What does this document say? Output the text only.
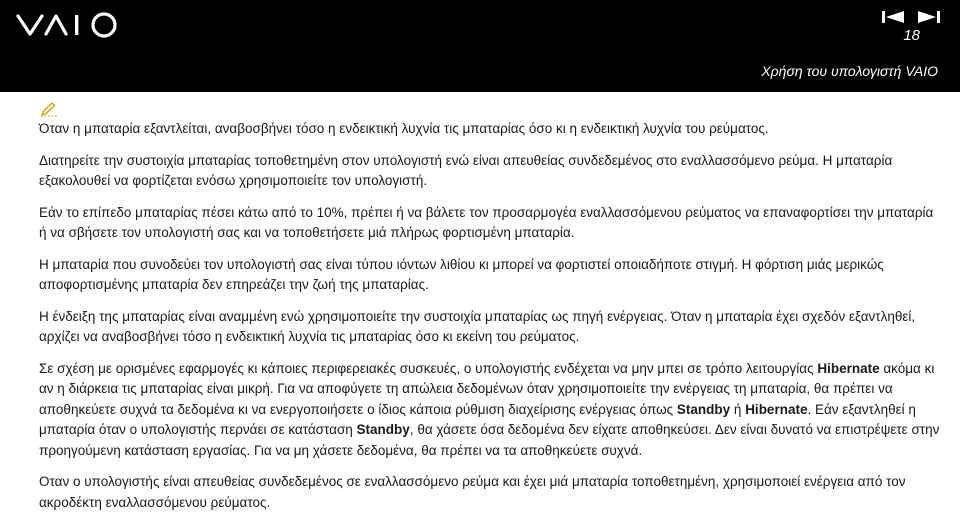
18
Χρήση του υπολογιστή VAIO

Όταν η μπαταρία εξαντλείται, αναβοσβήνει τόσο η ενδεικτική λυχνία τις μπαταρίας όσο κι η ενδεικτική λυχνία του ρεύματος.

Διατηρείτε την συστοιχία μπαταρίας τοποθετημένη στον υπολογιστή ενώ είναι απευθείας συνδεδεμένος στο εναλλασσόμενο ρεύμα. Η μπαταρία εξακολουθεί να φορτίζεται ενόσω χρησιμοποιείτε τον υπολογιστή.

Εάν το επίπεδο μπαταρίας πέσει κάτω από το 10%, πρέπει ή να βάλετε τον προσαρμογέα εναλλασσόμενου ρεύματος να επαναφορτίσει την μπαταρία ή να σβήσετε τον υπολογιστή σας και να τοποθετήσετε μιά πλήρως φορτισμένη μπαταρία.

Η μπαταρία που συνοδεύει τον υπολογιστή σας είναι τύπου ιόντων λιθίου κι μπορεί να φορτιστεί οποιαδήποτε στιγμή. Η φόρτιση μιάς μερικώς αποφορτισμένης μπαταρία δεν επηρεάζει την ζωή της μπαταρίας.

Η ένδειξη της μπαταρίας είναι αναμμένη ενώ χρησιμοποιείτε την συστοιχία μπαταρίας ως πηγή ενέργειας. Όταν η μπαταρία έχει σχεδόν εξαντληθεί, αρχίζει να αναβοσβήνει τόσο η ενδεικτική λυχνία τις μπαταρίας όσο κι εκείνη του ρεύματος.

Σε σχέση με ορισμένες εφαρμογές κι κάποιες περιφερειακές συσκευές, ο υπολογιστής ενδέχεται να μην μπει σε τρόπο λειτουργίας Hibernate ακόμα κι αν η διάρκεια τις μπαταρίας είναι μικρή. Για να αποφύγετε τη απώλεια δεδομένων όταν χρησιμοποιείτε την ενέργειας τη μπαταρία, θα πρέπει να αποθηκεύετε συχνά τα δεδομένα κι να ενεργοποιήσετε ο ίδιος κάποια ρύθμιση διαχείρισης ενέργειας όπως Standby ή Hibernate. Εάν εξαντληθεί η μπαταρία όταν ο υπολογιστής περνάει σε κατάσταση Standby, θα χάσετε όσα δεδομένα δεν είχατε αποθηκεύσει. Δεν είναι δυνατό να επιστρέψετε στην προηγούμενη κατάσταση εργασίας. Για να μη χάσετε δεδομένα, θα πρέπει να τα αποθηκεύετε συχνά.

Οταν ο υπολογιστής είναι απευθείας συνδεδεμένος σε εναλλασσόμενο ρεύμα και έχει μιά μπαταρία τοποθετημένη, χρησιμοποιεί ενέργεια από τον ακροδέκτη εναλλασσόμενου ρεύματος.
